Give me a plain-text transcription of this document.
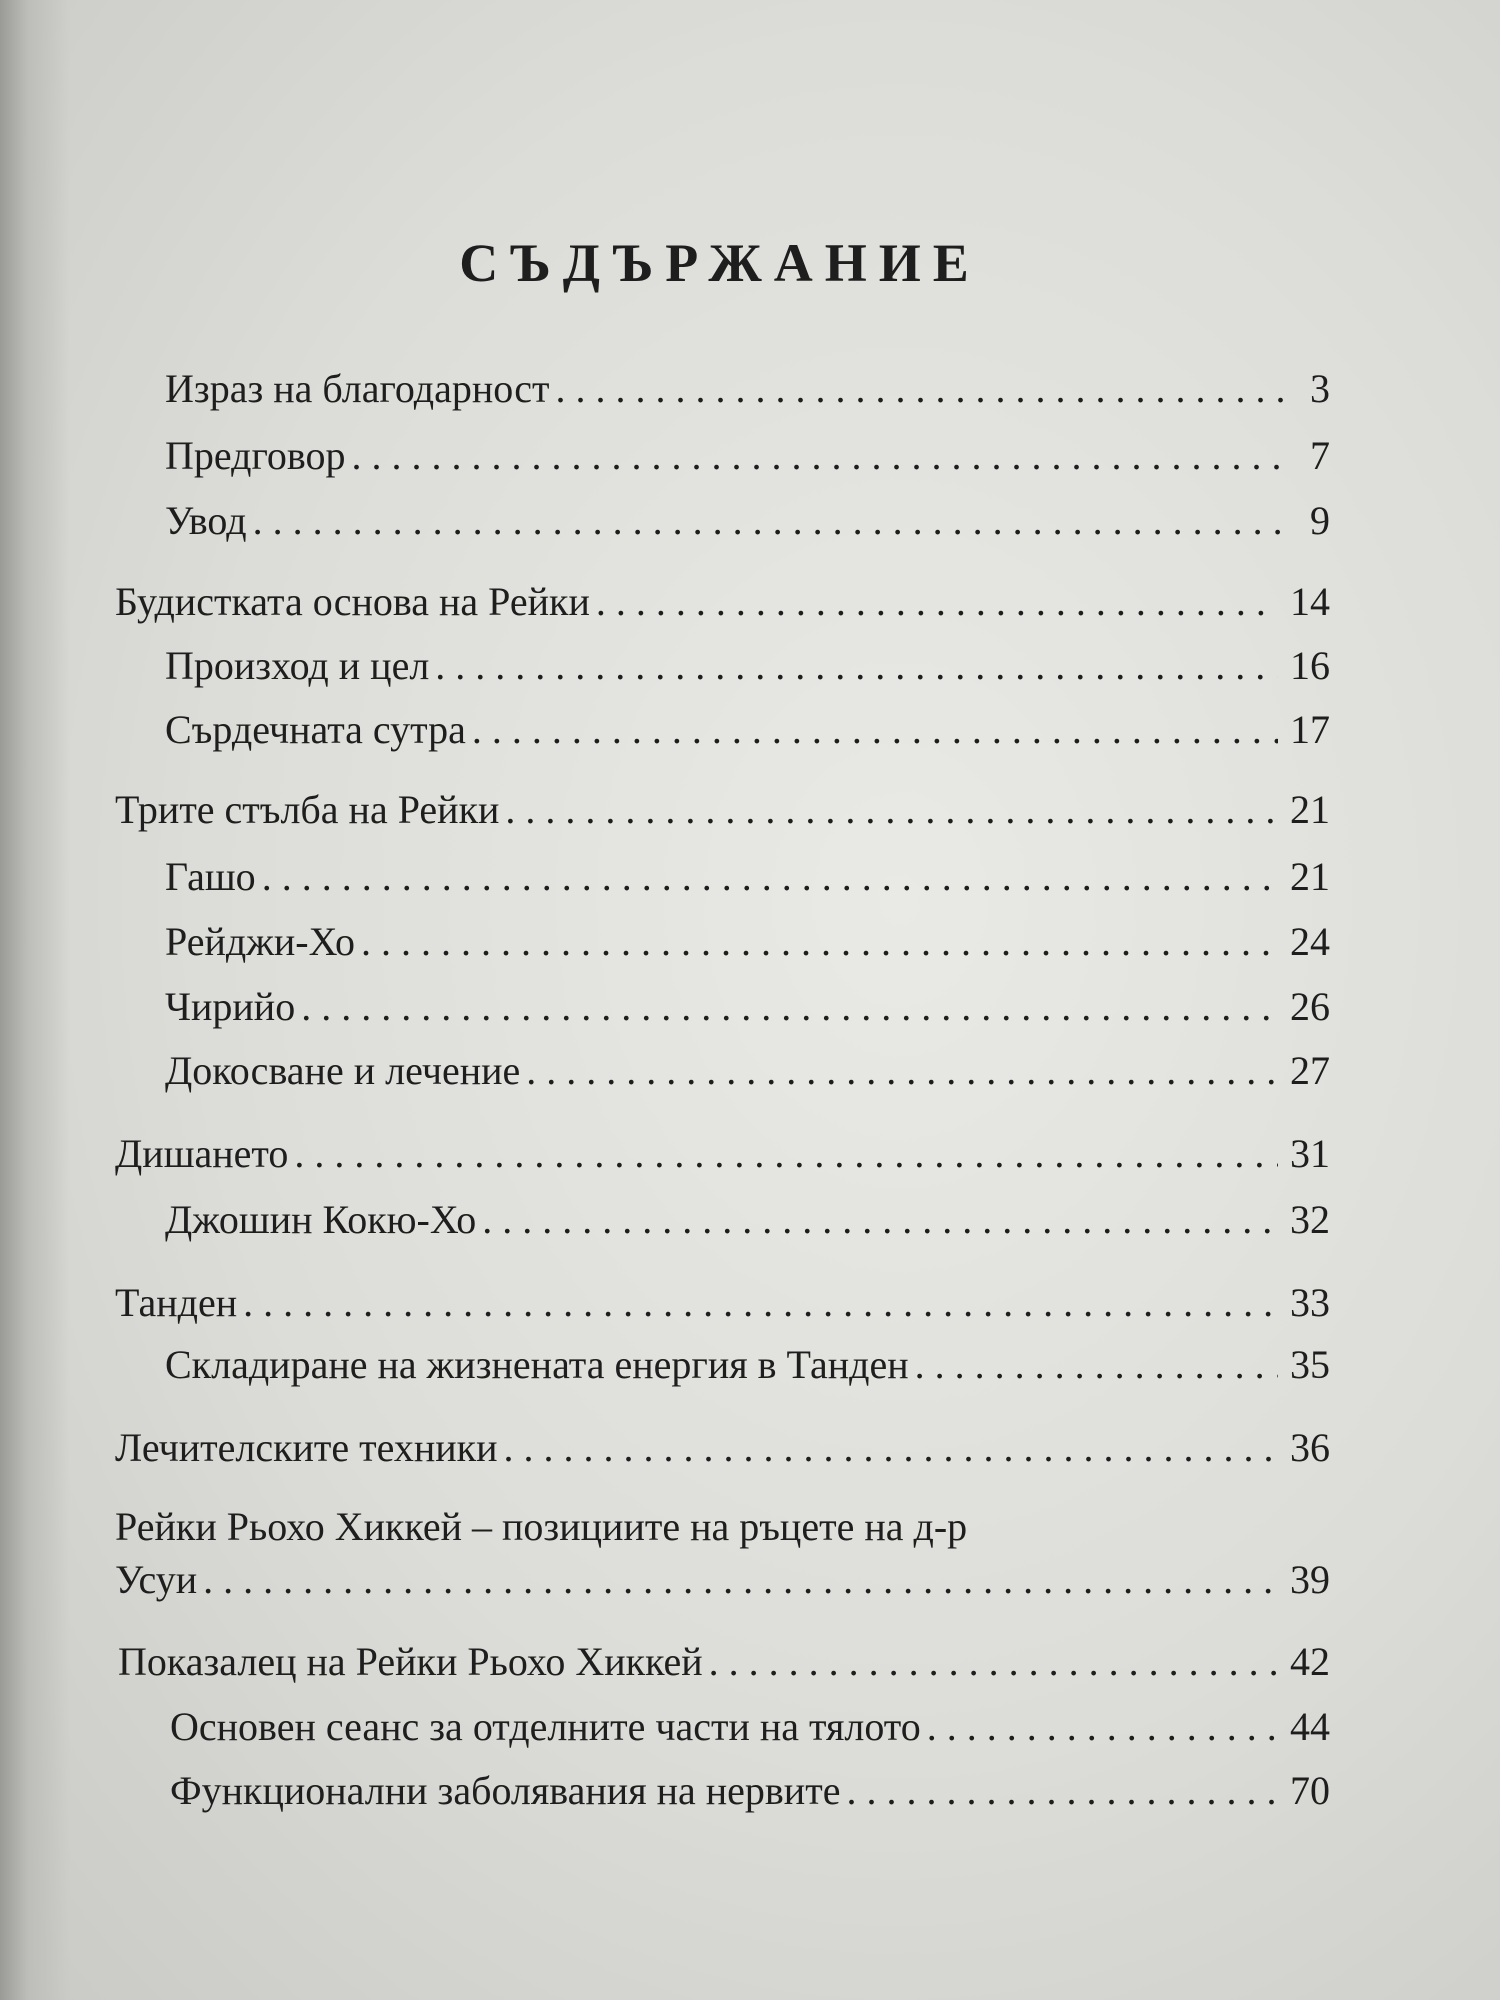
СЪДЪРЖАНИЕ
Израз на благодарност . . .	3
Предговор . . .	7
Увод . . .	9
Будистката основа на Рейки . . .	14
Произход и цел . . .	16
Сърдечната сутра . . .	17
Трите стълба на Рейки . . .	21
Гашо . . .	21
Рейджи-Хо . . .	24
Чирийо . . .	26
Докосване и лечение . . .	27
Дишането . . .	31
Джошин Кокю-Хо . . .	32
Танден . . .	33
Складиране на жизнената енергия в Танден . . .	35
Лечителските техники . . .	36
Рейки Рьохо Хиккей – позициите на ръцете на д-р
Усуи . . .	39
Показалец на Рейки Рьохо Хиккей . . .	42
Основен сеанс за отделните части на тялото . . .	44
Функционални заболявания на нервите . . .	70
